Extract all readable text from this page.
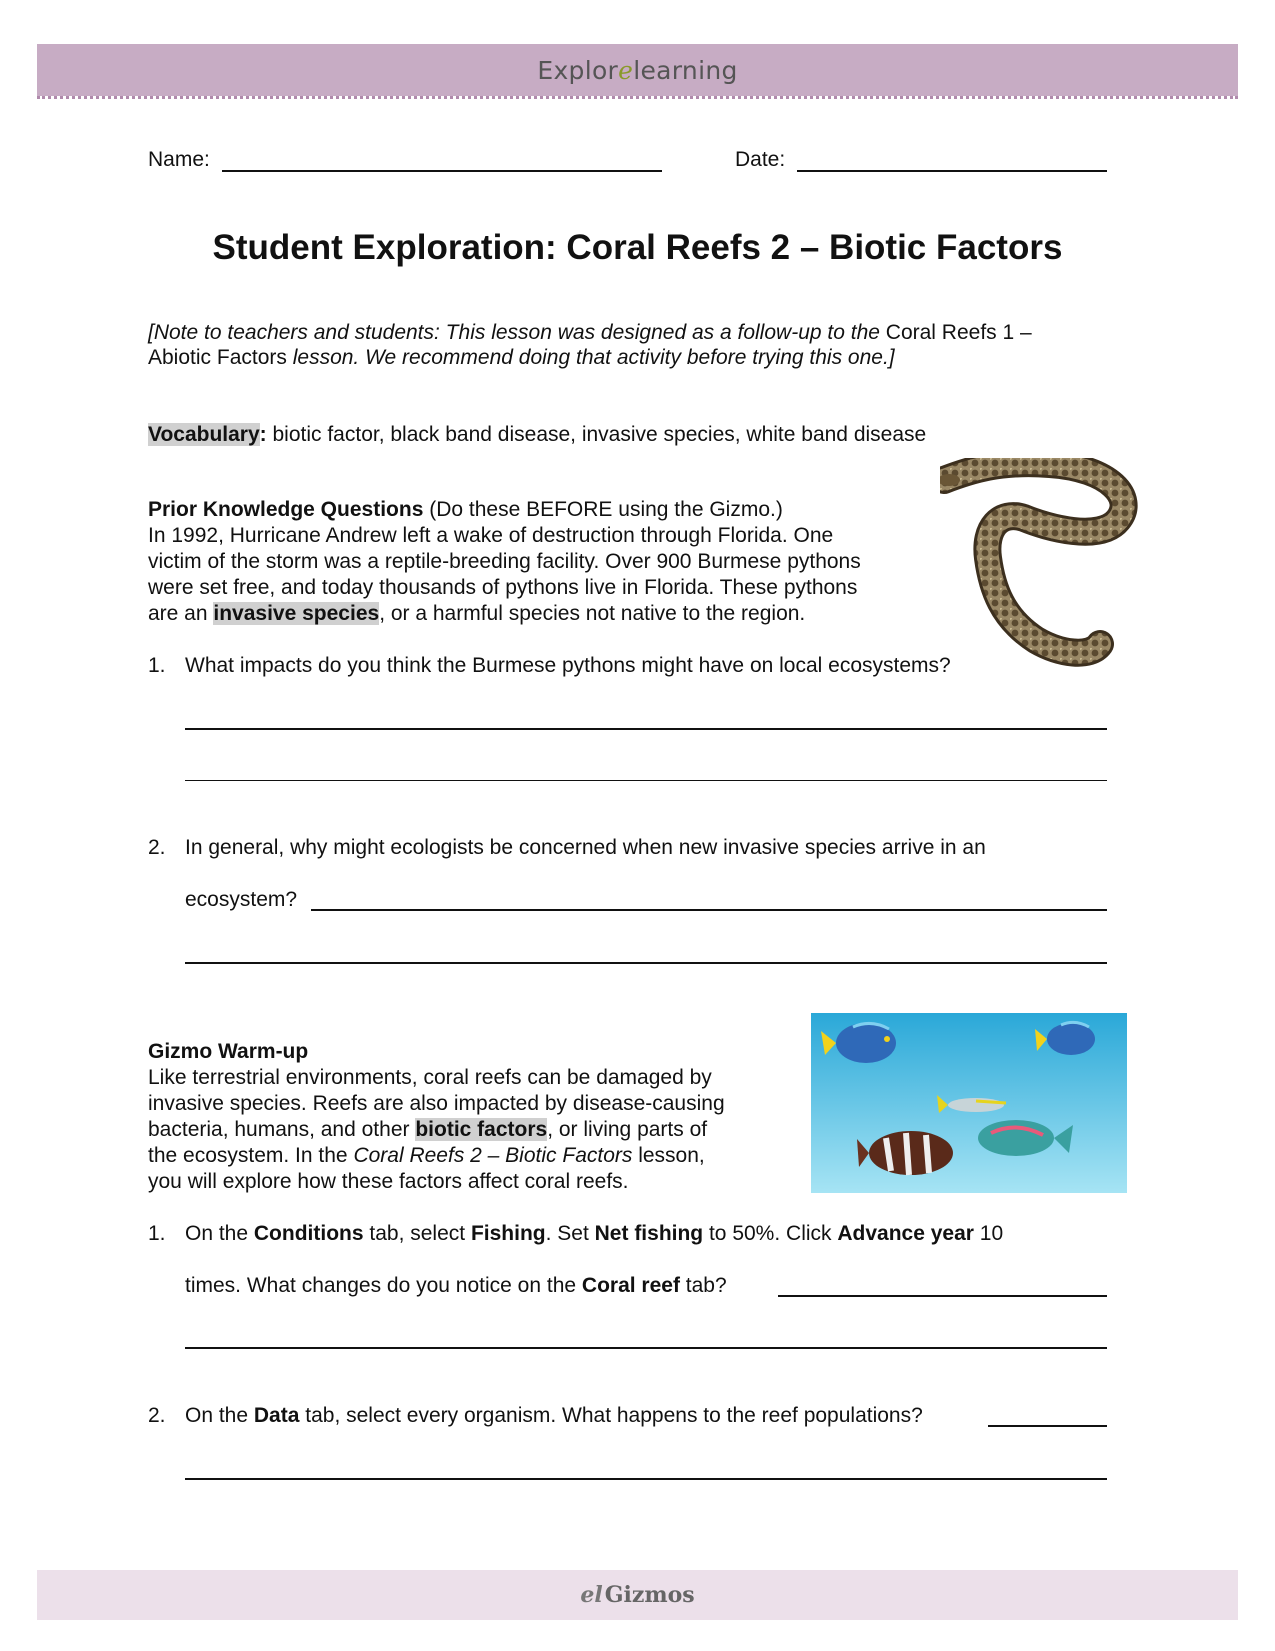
Explorelearning
Name:	Date:
Student Exploration: Coral Reefs 2 – Biotic Factors
[Note to teachers and students: This lesson was designed as a follow-up to the Coral Reefs 1 –
Abiotic Factors lesson. We recommend doing that activity before trying this one.]
Vocabulary: biotic factor, black band disease, invasive species, white band disease
Prior Knowledge Questions (Do these BEFORE using the Gizmo.)
In 1992, Hurricane Andrew left a wake of destruction through Florida. One
victim of the storm was a reptile-breeding facility. Over 900 Burmese pythons
were set free, and today thousands of pythons live in Florida. These pythons
are an invasive species, or a harmful species not native to the region.
1. What impacts do you think the Burmese pythons might have on local ecosystems?
2. In general, why might ecologists be concerned when new invasive species arrive in an
ecosystem?
Gizmo Warm-up
Like terrestrial environments, coral reefs can be damaged by
invasive species. Reefs are also impacted by disease-causing
bacteria, humans, and other biotic factors, or living parts of
the ecosystem. In the Coral Reefs 2 – Biotic Factors lesson,
you will explore how these factors affect coral reefs.
1. On the Conditions tab, select Fishing. Set Net fishing to 50%. Click Advance year 10
times. What changes do you notice on the Coral reef tab?
2. On the Data tab, select every organism. What happens to the reef populations?
elGizmos
